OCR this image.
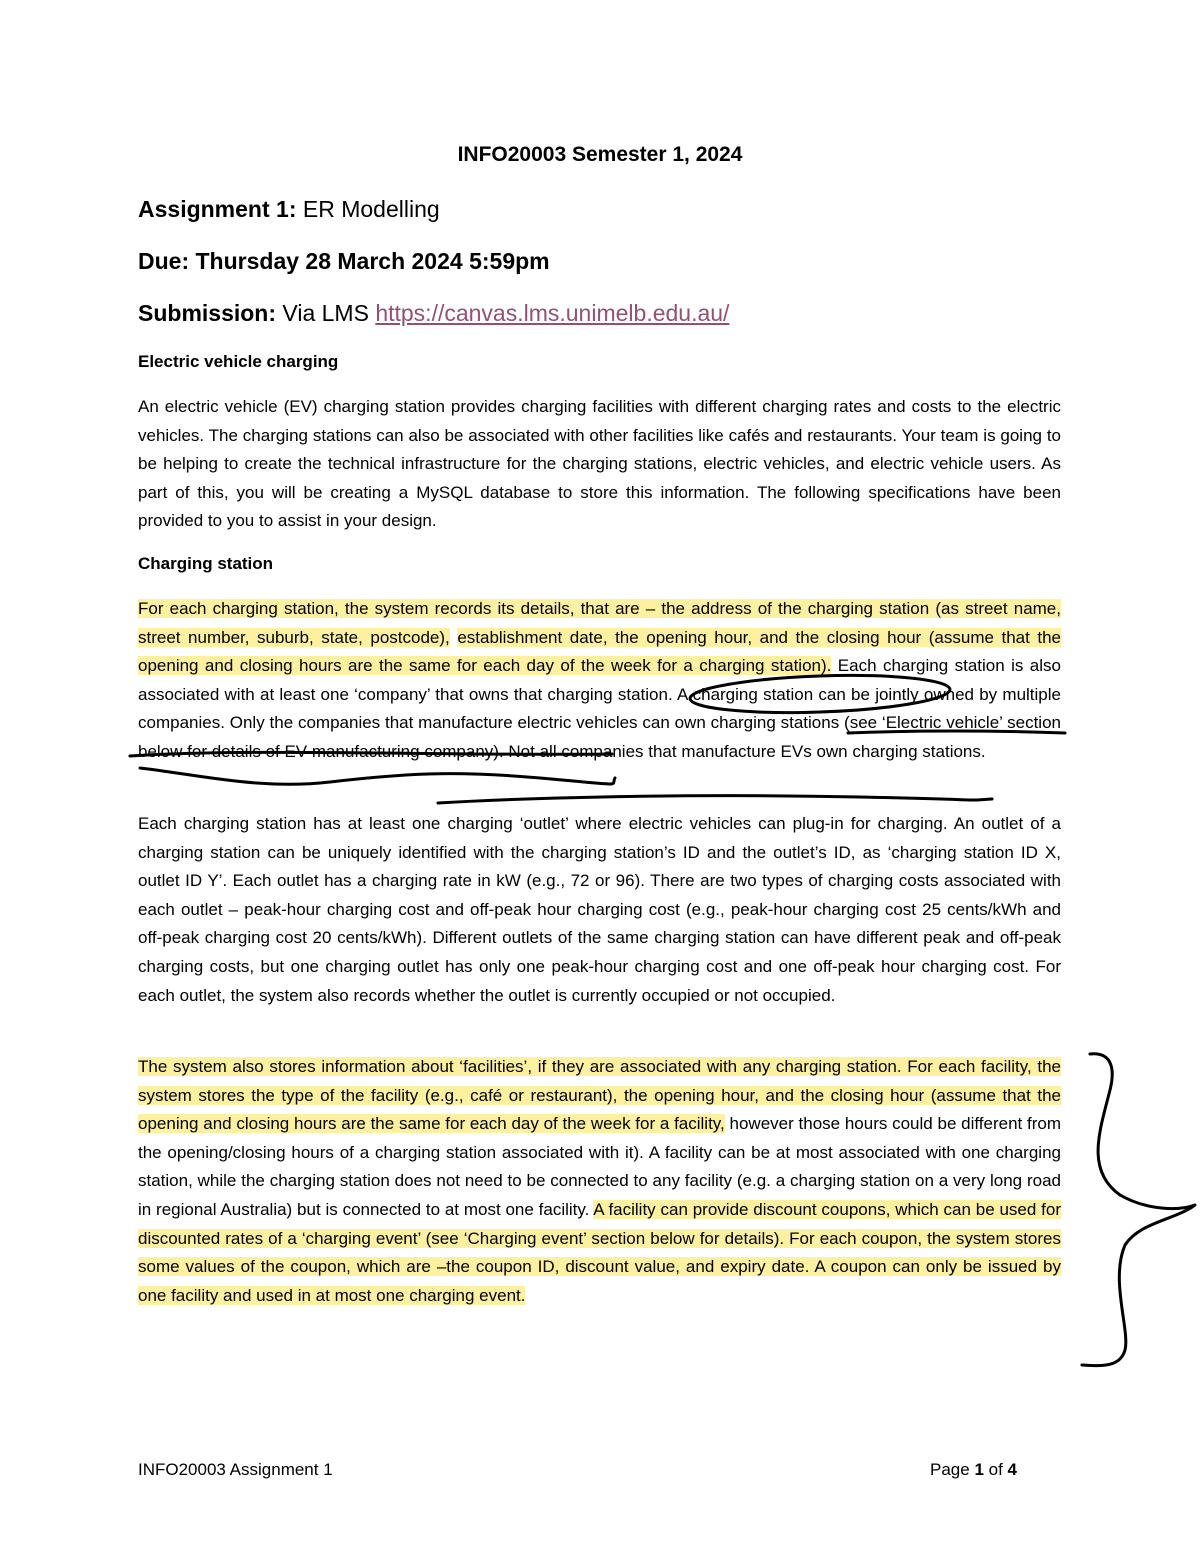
INFO20003 Semester 1, 2024
Assignment 1: ER Modelling
Due: Thursday 28 March 2024 5:59pm
Submission: Via LMS https://canvas.lms.unimelb.edu.au/
Electric vehicle charging
An electric vehicle (EV) charging station provides charging facilities with different charging rates and costs to the electric vehicles. The charging stations can also be associated with other facilities like cafés and restaurants. Your team is going to be helping to create the technical infrastructure for the charging stations, electric vehicles, and electric vehicle users. As part of this, you will be creating a MySQL database to store this information. The following specifications have been provided to you to assist in your design.
Charging station
For each charging station, the system records its details, that are – the address of the charging station (as street name, street number, suburb, state, postcode), establishment date, the opening hour, and the closing hour (assume that the opening and closing hours are the same for each day of the week for a charging station). Each charging station is also associated with at least one ‘company’ that owns that charging station. A charging station can be jointly owned by multiple companies. Only the companies that manufacture electric vehicles can own charging stations (see ‘Electric vehicle’ section below for details of EV manufacturing company). Not all companies that manufacture EVs own charging stations.
Each charging station has at least one charging ‘outlet’ where electric vehicles can plug-in for charging. An outlet of a charging station can be uniquely identified with the charging station’s ID and the outlet’s ID, as ‘charging station ID X, outlet ID Y’. Each outlet has a charging rate in kW (e.g., 72 or 96). There are two types of charging costs associated with each outlet – peak-hour charging cost and off-peak hour charging cost (e.g., peak-hour charging cost 25 cents/kWh and off-peak charging cost 20 cents/kWh). Different outlets of the same charging station can have different peak and off-peak charging costs, but one charging outlet has only one peak-hour charging cost and one off-peak hour charging cost. For each outlet, the system also records whether the outlet is currently occupied or not occupied.
The system also stores information about ‘facilities’, if they are associated with any charging station. For each facility, the system stores the type of the facility (e.g., café or restaurant), the opening hour, and the closing hour (assume that the opening and closing hours are the same for each day of the week for a facility, however those hours could be different from the opening/closing hours of a charging station associated with it). A facility can be at most associated with one charging station, while the charging station does not need to be connected to any facility (e.g. a charging station on a very long road in regional Australia) but is connected to at most one facility. A facility can provide discount coupons, which can be used for discounted rates of a ‘charging event’ (see ‘Charging event’ section below for details). For each coupon, the system stores some values of the coupon, which are –the coupon ID, discount value, and expiry date. A coupon can only be issued by one facility and used in at most one charging event.
INFO20003 Assignment 1	Page 1 of 4
